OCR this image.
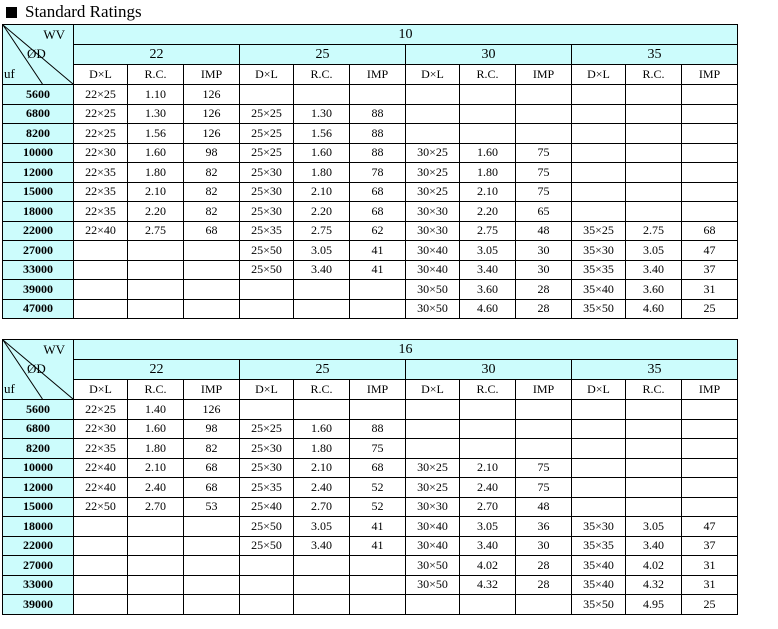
Standard Ratings
WV
ØD
uf	10											
	22			25			30			35		
	D×L	R.C.	IMP	D×L	R.C.	IMP	D×L	R.C.	IMP	D×L	R.C.	IMP
5600	22×25	1.10	126									
6800	22×25	1.30	126	25×25	1.30	88						
8200	22×25	1.56	126	25×25	1.56	88						
10000	22×30	1.60	98	25×25	1.60	88	30×25	1.60	75			
12000	22×35	1.80	82	25×30	1.80	78	30×25	1.80	75			
15000	22×35	2.10	82	25×30	2.10	68	30×25	2.10	75			
18000	22×35	2.20	82	25×30	2.20	68	30×30	2.20	65			
22000	22×40	2.75	68	25×35	2.75	62	30×30	2.75	48	35×25	2.75	68
27000				25×50	3.05	41	30×40	3.05	30	35×30	3.05	47
33000				25×50	3.40	41	30×40	3.40	30	35×35	3.40	37
39000							30×50	3.60	28	35×40	3.60	31
47000							30×50	4.60	28	35×50	4.60	25
WV
ØD
uf	16											
	22			25			30			35		
	D×L	R.C.	IMP	D×L	R.C.	IMP	D×L	R.C.	IMP	D×L	R.C.	IMP
5600	22×25	1.40	126									
6800	22×30	1.60	98	25×25	1.60	88						
8200	22×35	1.80	82	25×30	1.80	75						
10000	22×40	2.10	68	25×30	2.10	68	30×25	2.10	75			
12000	22×40	2.40	68	25×35	2.40	52	30×25	2.40	75			
15000	22×50	2.70	53	25×40	2.70	52	30×30	2.70	48			
18000				25×50	3.05	41	30×40	3.05	36	35×30	3.05	47
22000				25×50	3.40	41	30×40	3.40	30	35×35	3.40	37
27000							30×50	4.02	28	35×40	4.02	31
33000							30×50	4.32	28	35×40	4.32	31
39000										35×50	4.95	25
